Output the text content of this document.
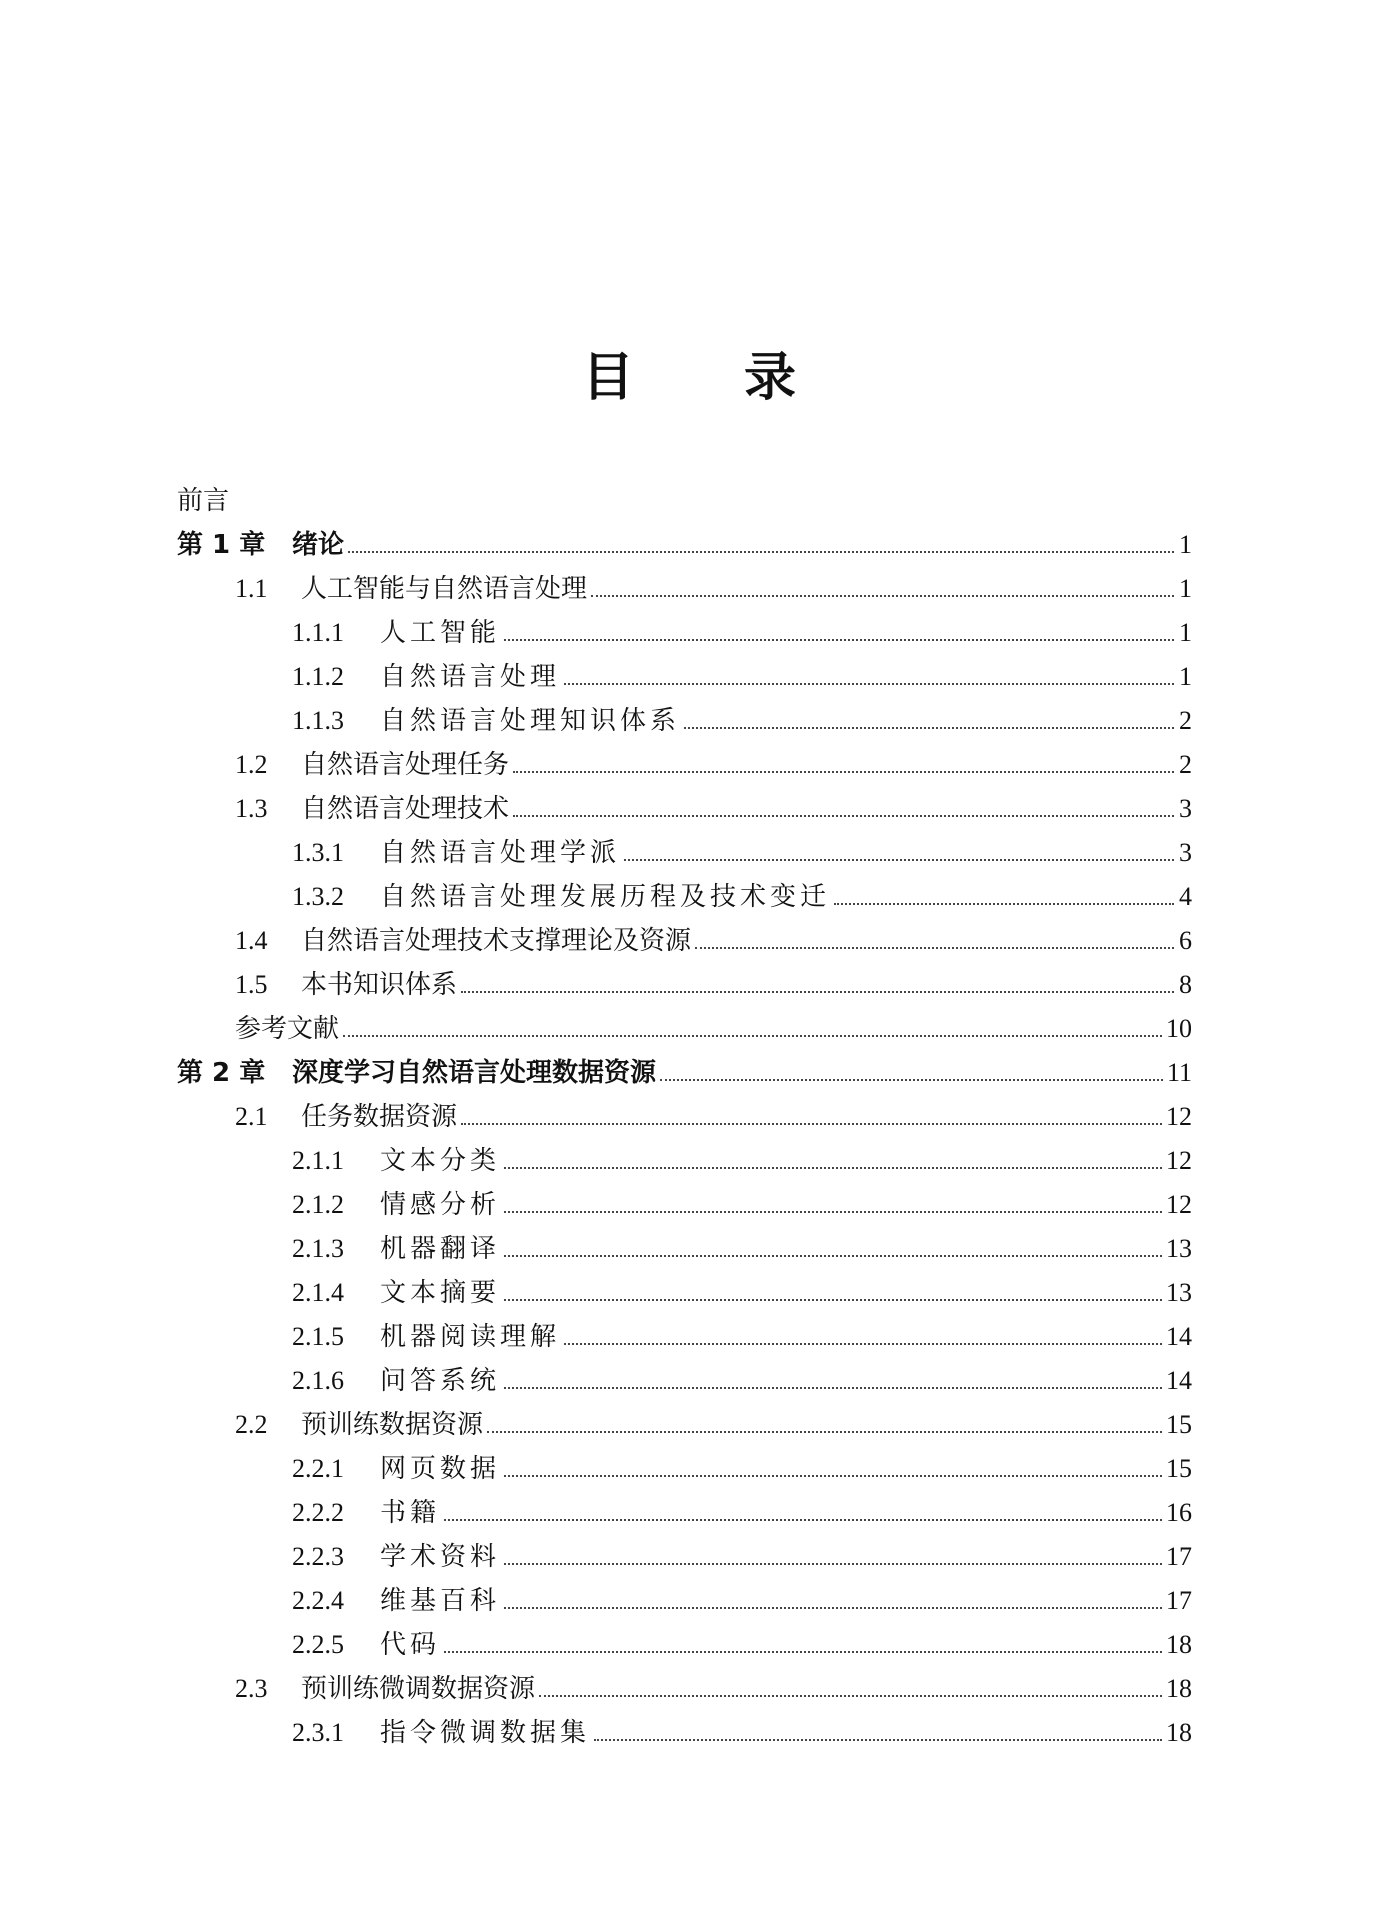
目 录
前言
第 1 章	绪论	1
1.1	人工智能与自然语言处理	1
1.1.1	人工智能	1
1.1.2	自然语言处理	1
1.1.3	自然语言处理知识体系	2
1.2	自然语言处理任务	2
1.3	自然语言处理技术	3
1.3.1	自然语言处理学派	3
1.3.2	自然语言处理发展历程及技术变迁	4
1.4	自然语言处理技术支撑理论及资源	6
1.5	本书知识体系	8
参考文献	10
第 2 章	深度学习自然语言处理数据资源	11
2.1	任务数据资源	12
2.1.1	文本分类	12
2.1.2	情感分析	12
2.1.3	机器翻译	13
2.1.4	文本摘要	13
2.1.5	机器阅读理解	14
2.1.6	问答系统	14
2.2	预训练数据资源	15
2.2.1	网页数据	15
2.2.2	书籍	16
2.2.3	学术资料	17
2.2.4	维基百科	17
2.2.5	代码	18
2.3	预训练微调数据资源	18
2.3.1	指令微调数据集	18
